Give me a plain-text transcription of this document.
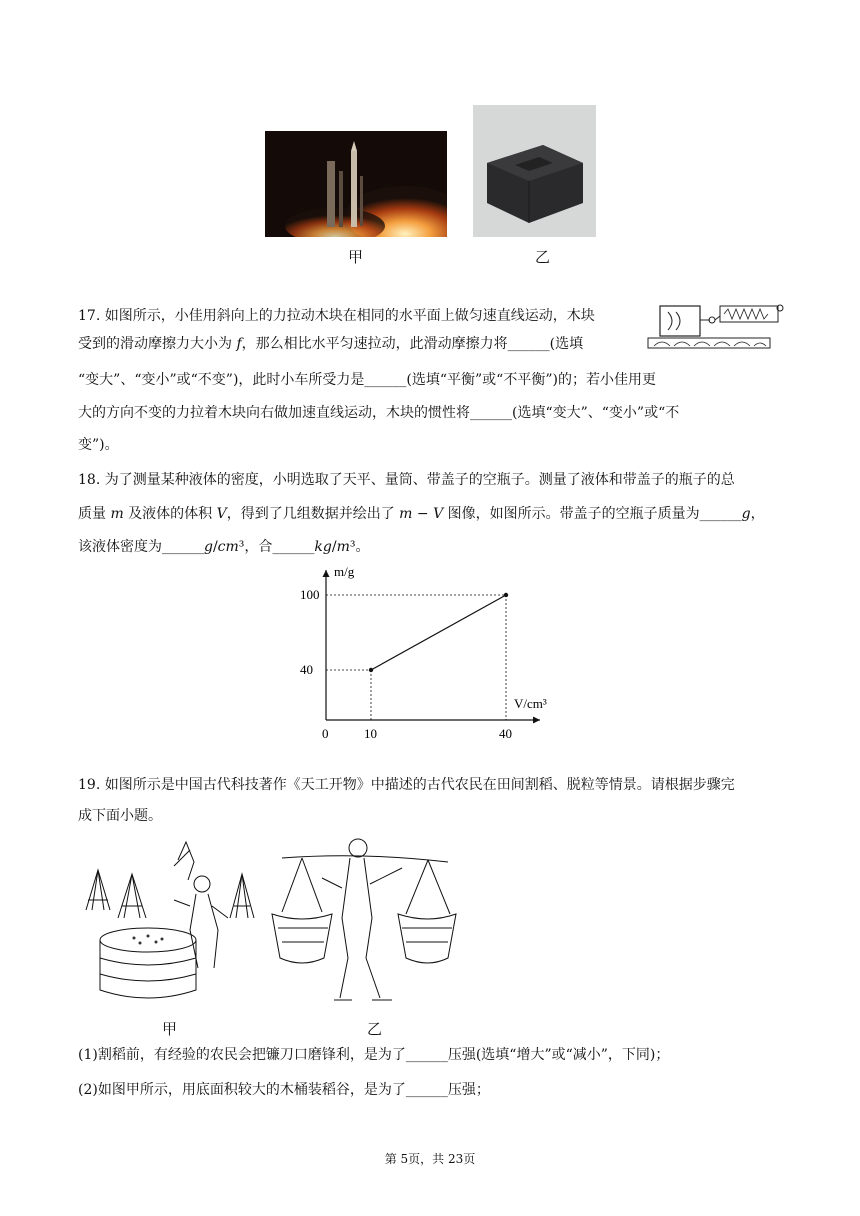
甲	乙
17. 如图所示，小佳用斜向上的力拉动木块在相同的水平面上做匀速直线运动，木块
受到的滑动摩擦力大小为 𝑓，那么相比水平匀速拉动，此滑动摩擦力将______(选填
“变大”、“变小”或“不变”)，此时小车所受力是______(选填“平衡”或“不平衡”)的；若小佳用更
大的方向不变的力拉着木块向右做加速直线运动，木块的惯性将______(选填“变大”、“变小”或“不
变”)。
18. 为了测量某种液体的密度，小明选取了天平、量筒、带盖子的空瓶子。测量了液体和带盖子的瓶子的总
质量 𝑚 及液体的体积 𝑉，得到了几组数据并绘出了 𝑚 − 𝑉 图像，如图所示。带盖子的空瓶子质量为______𝑔，
该液体密度为______𝑔/𝑐𝑚³，合______𝑘𝑔/𝑚³。
m/g
V/cm³
0	10	40
40
100
19. 如图所示是中国古代科技著作《天工开物》中描述的古代农民在田间割稻、脱粒等情景。请根据步骤完
成下面小题。
甲	乙
(1)割稻前，有经验的农民会把镰刀口磨锋利，是为了______压强(选填“增大”或“减小”，下同)；
(2)如图甲所示，用底面积较大的木桶装稻谷，是为了______压强；
第 5页，共 23页
